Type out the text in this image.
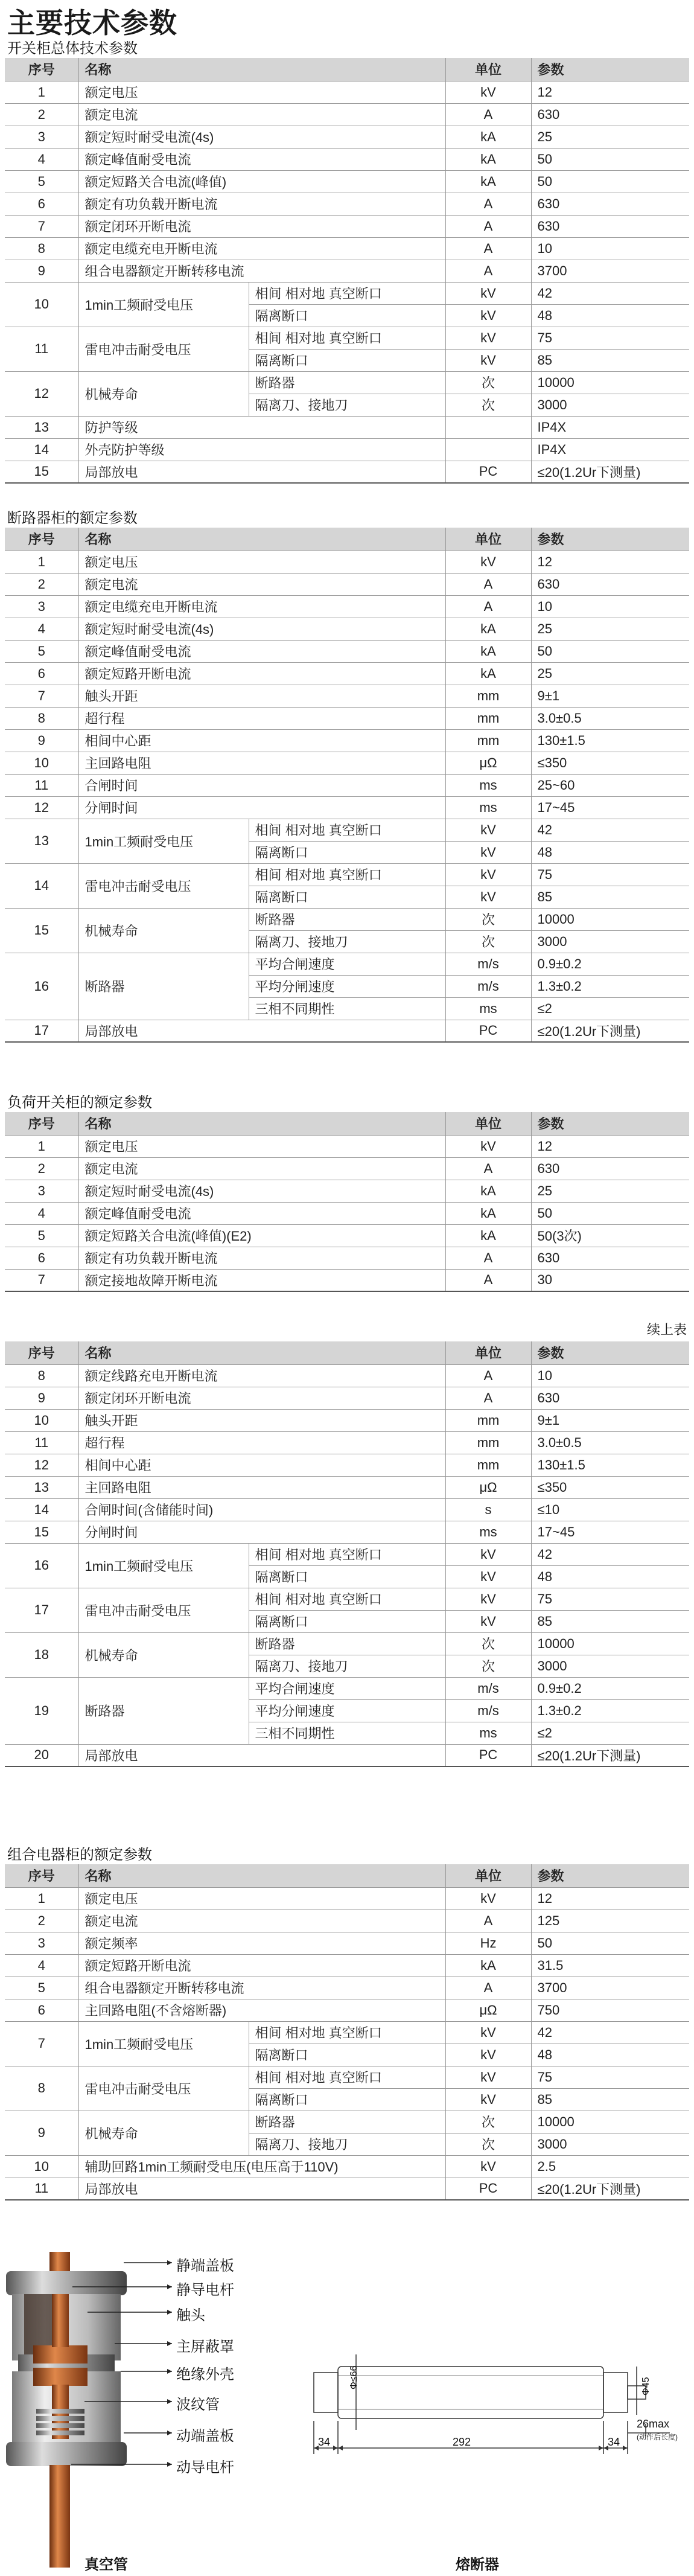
主要技术参数
开关柜总体技术参数
序号	名称		单位	参数
1	额定电压		kV	12
2	额定电流		A	630
3	额定短时耐受电流(4s)		kA	25
4	额定峰值耐受电流		kA	50
5	额定短路关合电流(峰值)		kA	50
6	额定有功负载开断电流		A	630
7	额定闭环开断电流		A	630
8	额定电缆充电开断电流		A	10
9	组合电器额定开断转移电流		A	3700
10	1min工频耐受电压	相间 相对地 真空断口	kV	42
		隔离断口	kV	48
11	雷电冲击耐受电压	相间 相对地 真空断口	kV	75
		隔离断口	kV	85
12	机械寿命	断路器	次	10000
		隔离刀、接地刀	次	3000
13	防护等级			IP4X
14	外壳防护等级			IP4X
15	局部放电		PC	≤20(1.2Ur下测量)
断路器柜的额定参数
序号	名称		单位	参数
1	额定电压		kV	12
2	额定电流		A	630
3	额定电缆充电开断电流		A	10
4	额定短时耐受电流(4s)		kA	25
5	额定峰值耐受电流		kA	50
6	额定短路开断电流		kA	25
7	触头开距		mm	9±1
8	超行程		mm	3.0±0.5
9	相间中心距		mm	130±1.5
10	主回路电阻		μΩ	≤350
11	合闸时间		ms	25~60
12	分闸时间		ms	17~45
13	1min工频耐受电压	相间 相对地 真空断口	kV	42
		隔离断口	kV	48
14	雷电冲击耐受电压	相间 相对地 真空断口	kV	75
		隔离断口	kV	85
15	机械寿命	断路器	次	10000
		隔离刀、接地刀	次	3000
16	断路器	平均合闸速度	m/s	0.9±0.2
		平均分闸速度	m/s	1.3±0.2
		三相不同期性	ms	≤2
17	局部放电		PC	≤20(1.2Ur下测量)
负荷开关柜的额定参数
序号	名称	单位	参数
1	额定电压	kV	12
2	额定电流	A	630
3	额定短时耐受电流(4s)	kA	25
4	额定峰值耐受电流	kA	50
5	额定短路关合电流(峰值)(E2)	kA	50(3次)
6	额定有功负载开断电流	A	630
7	额定接地故障开断电流	A	30
续上表
序号	名称		单位	参数
8	额定线路充电开断电流		A	10
9	额定闭环开断电流		A	630
10	触头开距		mm	9±1
11	超行程		mm	3.0±0.5
12	相间中心距		mm	130±1.5
13	主回路电阻		μΩ	≤350
14	合闸时间(含储能时间)		s	≤10
15	分闸时间		ms	17~45
16	1min工频耐受电压	相间 相对地 真空断口	kV	42
		隔离断口	kV	48
17	雷电冲击耐受电压	相间 相对地 真空断口	kV	75
		隔离断口	kV	85
18	机械寿命	断路器	次	10000
		隔离刀、接地刀	次	3000
19	断路器	平均合闸速度	m/s	0.9±0.2
		平均分闸速度	m/s	1.3±0.2
		三相不同期性	ms	≤2
20	局部放电		PC	≤20(1.2Ur下测量)
组合电器柜的额定参数
序号	名称		单位	参数
1	额定电压		kV	12
2	额定电流		A	125
3	额定频率		Hz	50
4	额定短路开断电流		kA	31.5
5	组合电器额定开断转移电流		A	3700
6	主回路电阻(不含熔断器)		μΩ	750
7	1min工频耐受电压	相间 相对地 真空断口	kV	42
		隔离断口	kV	48
8	雷电冲击耐受电压	相间 相对地 真空断口	kV	75
		隔离断口	kV	85
9	机械寿命	断路器	次	10000
		隔离刀、接地刀	次	3000
10	辅助回路1min工频耐受电压(电压高于110V)		kV	2.5
11	局部放电		PC	≤20(1.2Ur下测量)
静端盖板
静导电杆
触头
主屏蔽罩
绝缘外壳
波纹管
动端盖板
动导电杆
真空管
34	292	34
26max
(动作后长度)
Φ≤66	Φ45
熔断器
